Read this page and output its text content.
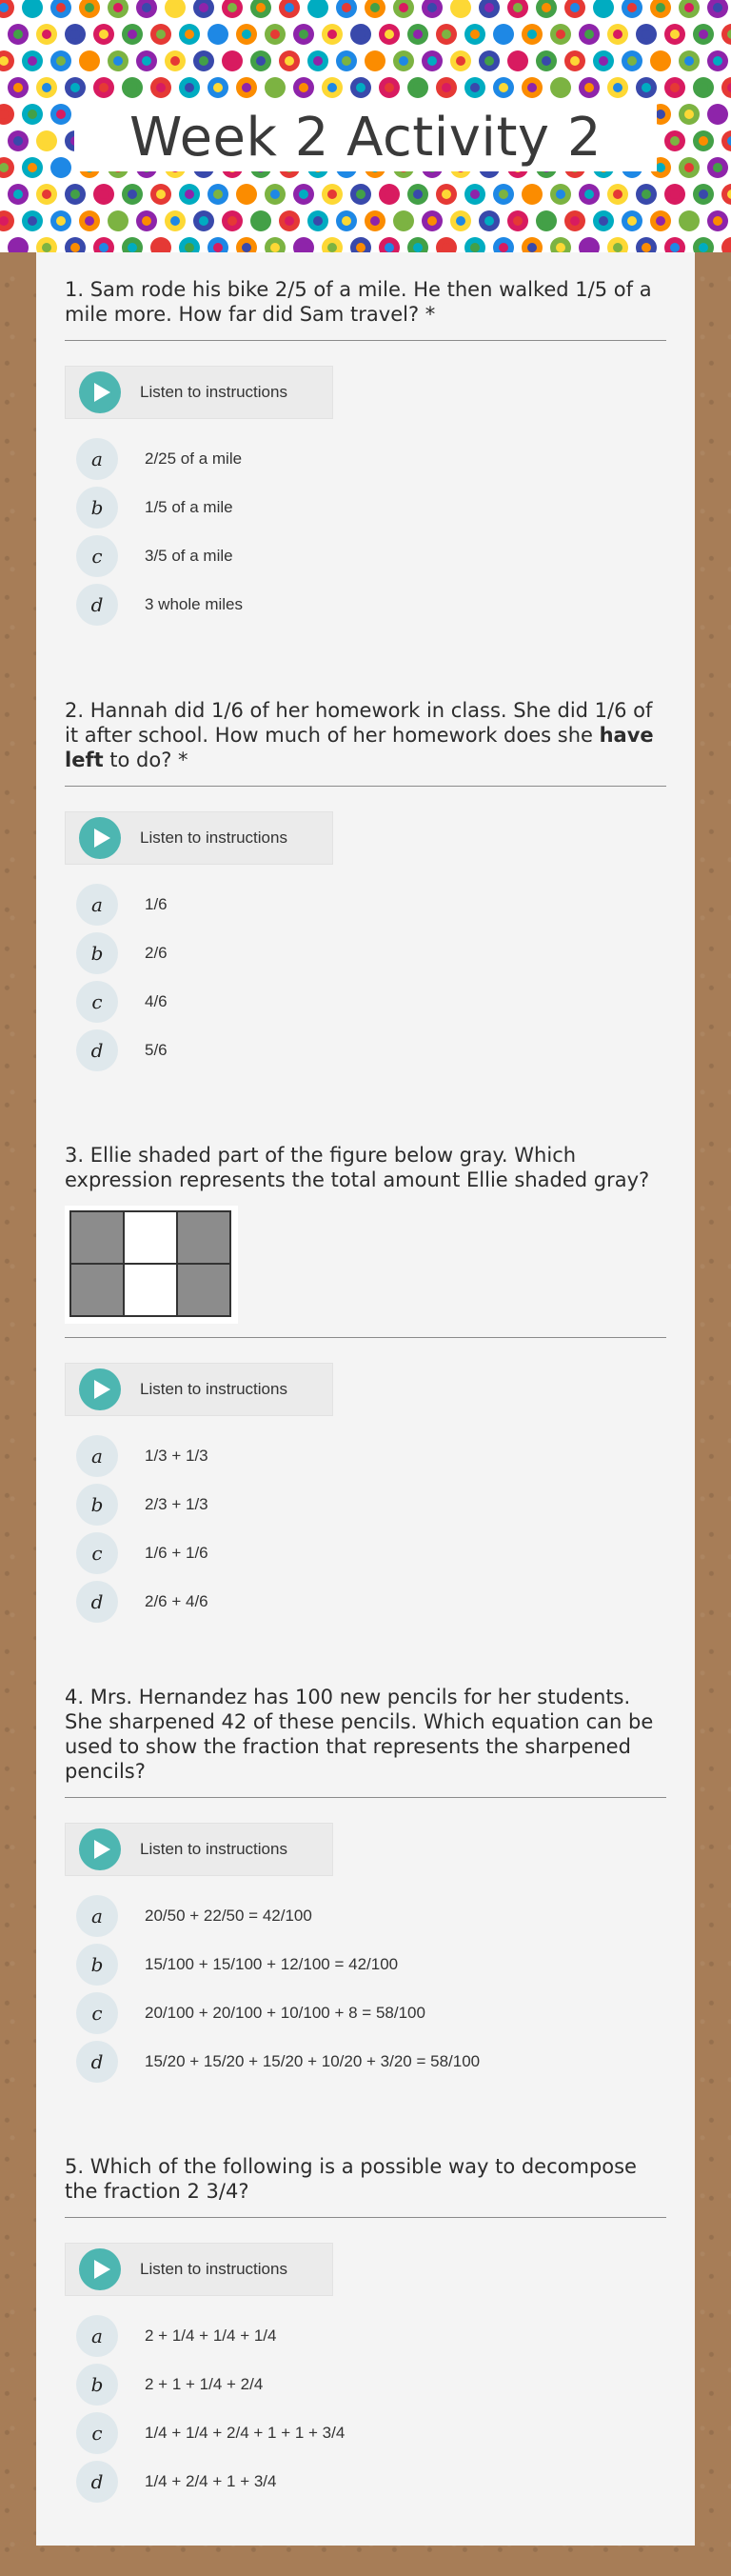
Week 2 Activity 2

1. Sam rode his bike 2/5 of a mile. He then walked 1/5 of a mile more. How far did Sam travel? *

Listen to instructions
a	2/25 of a mile
b	1/5 of a mile
c	3/5 of a mile
d	3 whole miles

2. Hannah did 1/6 of her homework in class. She did 1/6 of it after school. How much of her homework does she have left to do? *

Listen to instructions
a	1/6
b	2/6
c	4/6
d	5/6

3. Ellie shaded part of the figure below gray. Which expression represents the total amount Ellie shaded gray?

Listen to instructions
a	1/3 + 1/3
b	2/3 + 1/3
c	1/6 + 1/6
d	2/6 + 4/6

4. Mrs. Hernandez has 100 new pencils for her students. She sharpened 42 of these pencils. Which equation can be used to show the fraction that represents the sharpened pencils?

Listen to instructions
a	20/50 + 22/50 = 42/100
b	15/100 + 15/100 + 12/100 = 42/100
c	20/100 + 20/100 + 10/100 + 8 = 58/100
d	15/20 + 15/20 + 15/20 + 10/20 + 3/20 = 58/100

5. Which of the following is a possible way to decompose the fraction 2 3/4?

Listen to instructions
a	2 + 1/4 + 1/4 + 1/4
b	2 + 1 + 1/4 + 2/4
c	1/4 + 1/4 + 2/4 + 1 + 1 + 3/4
d	1/4 + 2/4 + 1 + 3/4
